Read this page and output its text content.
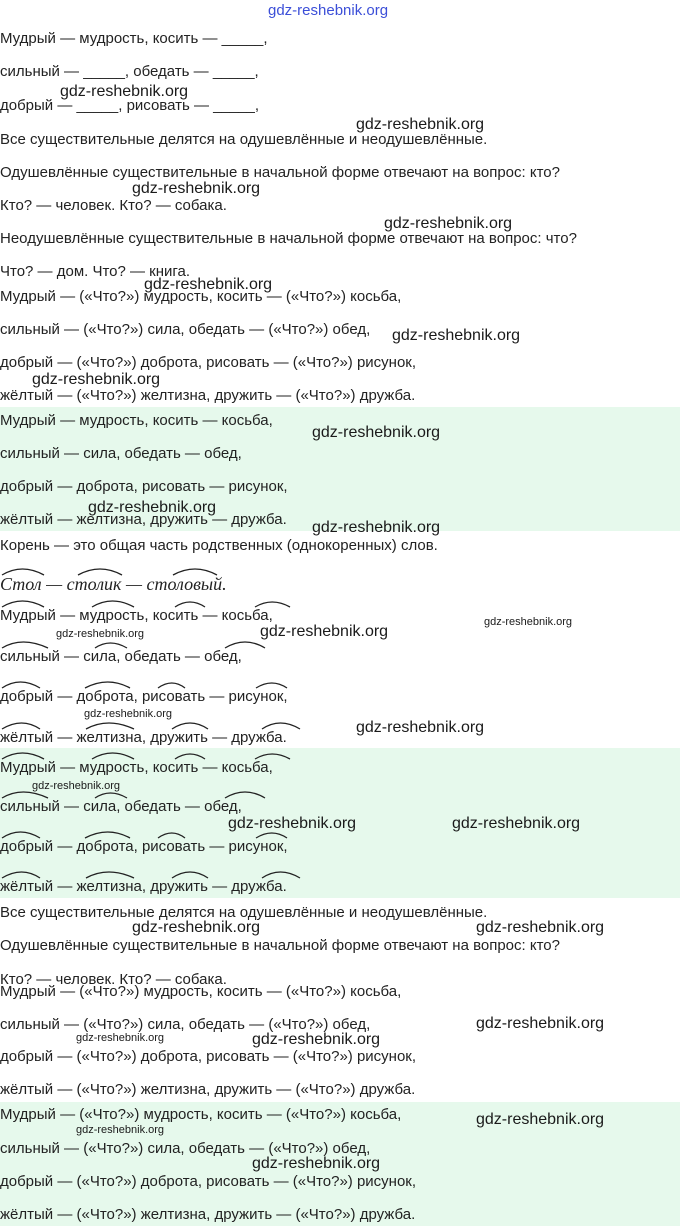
gdz-reshebnik.org
Мудрый — мудрость, косить — _____,
сильный — _____, обедать — _____,
добрый — _____, рисовать — _____,
Все существительные делятся на одушевлённые и неодушевлённые.
Одушевлённые существительные в начальной форме отвечают на вопрос: кто?
Кто? — человек. Кто? — собака.
Неодушевлённые существительные в начальной форме отвечают на вопрос: что?
Что? — дом. Что? — книга.
Мудрый — («Что?») мудрость, косить — («Что?») косьба,
сильный — («Что?») сила, обедать — («Что?») обед,
добрый — («Что?») доброта, рисовать — («Что?») рисунок,
жёлтый — («Что?») желтизна, дружить — («Что?») дружба.
Мудрый — мудрость, косить — косьба,
сильный — сила, обедать — обед,
добрый — доброта, рисовать — рисунок,
жёлтый — желтизна, дружить — дружба.
Корень — это общая часть родственных (однокоренных) слов.
Стол — столик — столовый.
Мудрый — мудрость, косить — косьба,
сильный — сила, обедать — обед,
добрый — доброта, рисовать — рисунок,
жёлтый — желтизна, дружить — дружба.
Мудрый — мудрость, косить — косьба,
сильный — сила, обедать — обед,
добрый — доброта, рисовать — рисунок,
жёлтый — желтизна, дружить — дружба.
Все существительные делятся на одушевлённые и неодушевлённые.
Одушевлённые существительные в начальной форме отвечают на вопрос: кто?
Кто? — человек. Кто? — собака.
Мудрый — («Что?») мудрость, косить — («Что?») косьба,
сильный — («Что?») сила, обедать — («Что?») обед,
добрый — («Что?») доброта, рисовать — («Что?») рисунок,
жёлтый — («Что?») желтизна, дружить — («Что?») дружба.
Мудрый — («Что?») мудрость, косить — («Что?») косьба,
сильный — («Что?») сила, обедать — («Что?») обед,
добрый — («Что?») доброта, рисовать — («Что?») рисунок,
жёлтый — («Что?») желтизна, дружить — («Что?») дружба.
gdz-reshebnik.org
gdz-reshebnik.org
gdz-reshebnik.org
gdz-reshebnik.org
gdz-reshebnik.org
gdz-reshebnik.org
gdz-reshebnik.org
gdz-reshebnik.org
gdz-reshebnik.org
gdz-reshebnik.org
gdz-reshebnik.org	gdz-reshebnik.org
gdz-reshebnik.org
gdz-reshebnik.org
gdz-reshebnik.org
gdz-reshebnik.org
gdz-reshebnik.org	gdz-reshebnik.org
gdz-reshebnik.org	gdz-reshebnik.org
gdz-reshebnik.org
gdz-reshebnik.org	gdz-reshebnik.org
gdz-reshebnik.org
gdz-reshebnik.org
gdz-reshebnik.org
